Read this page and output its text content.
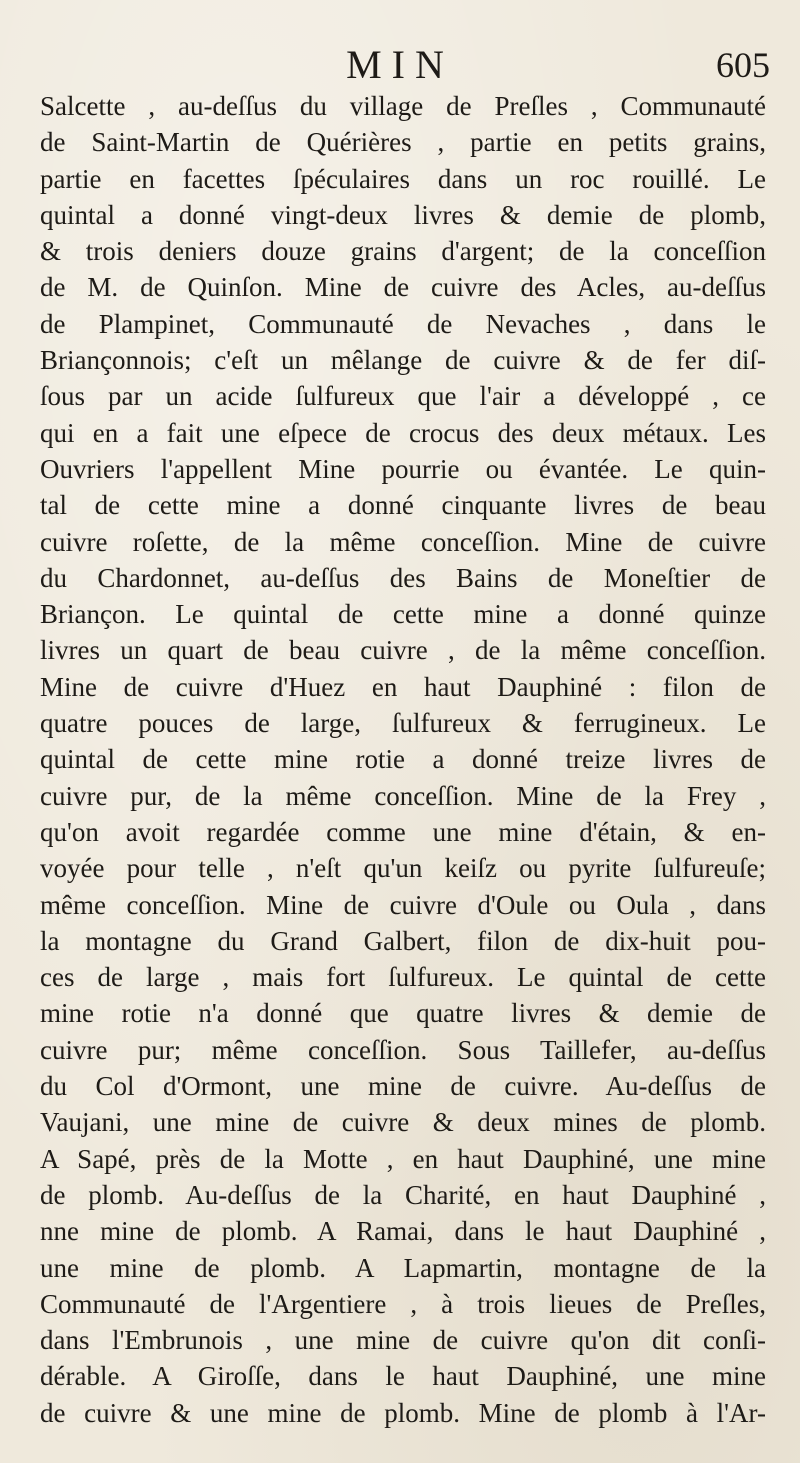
MIN	605
Salcette , au-deſſus du village de Preſles , Communauté
de Saint-Martin de Quérières , partie en petits grains,
partie en facettes ſpéculaires dans un roc rouillé. Le
quintal a donné vingt-deux livres & demie de plomb,
& trois deniers douze grains d'argent; de la conceſſion
de M. de Quinſon. Mine de cuivre des Acles, au-deſſus
de Plampinet, Communauté de Nevaches , dans le
Briançonnois; c'eſt un mêlange de cuivre & de fer diſ-
ſous par un acide ſulfureux que l'air a développé , ce
qui en a fait une eſpece de crocus des deux métaux. Les
Ouvriers l'appellent Mine pourrie ou évantée. Le quin-
tal de cette mine a donné cinquante livres de beau
cuivre roſette, de la même conceſſion. Mine de cuivre
du Chardonnet, au-deſſus des Bains de Moneſtier de
Briançon. Le quintal de cette mine a donné quinze
livres un quart de beau cuivre , de la même conceſſion.
Mine de cuivre d'Huez en haut Dauphiné : filon de
quatre pouces de large, ſulfureux & ferrugineux. Le
quintal de cette mine rotie a donné treize livres de
cuivre pur, de la même conceſſion. Mine de la Frey ,
qu'on avoit regardée comme une mine d'étain, & en-
voyée pour telle , n'eſt qu'un keiſz ou pyrite ſulfureuſe;
même conceſſion. Mine de cuivre d'Oule ou Oula , dans
la montagne du Grand Galbert, filon de dix-huit pou-
ces de large , mais fort ſulfureux. Le quintal de cette
mine rotie n'a donné que quatre livres & demie de
cuivre pur; même conceſſion. Sous Taillefer, au-deſſus
du Col d'Ormont, une mine de cuivre. Au-deſſus de
Vaujani, une mine de cuivre & deux mines de plomb.
A Sapé, près de la Motte , en haut Dauphiné, une mine
de plomb. Au-deſſus de la Charité, en haut Dauphiné ,
nne mine de plomb. A Ramai, dans le haut Dauphiné ,
une mine de plomb. A Lapmartin, montagne de la
Communauté de l'Argentiere , à trois lieues de Preſles,
dans l'Embrunois , une mine de cuivre qu'on dit conſi-
dérable. A Giroſſe, dans le haut Dauphiné, une mine
de cuivre & une mine de plomb. Mine de plomb à l'Ar-
